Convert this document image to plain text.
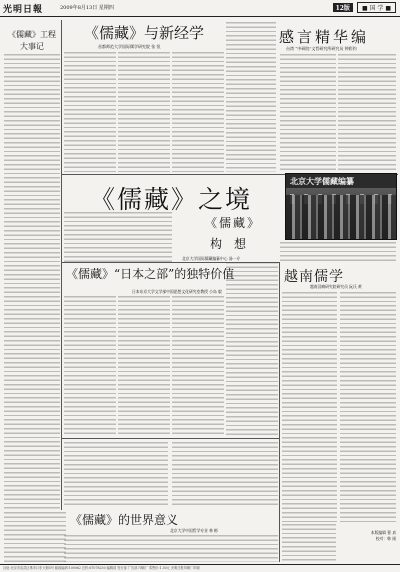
光明日報	2009年8月13日 星期四	12版	■ 国 学 ■
《儒藏》工程
大事记
《儒藏》与新经学
首都师范大学国际儒学研究院 张 恒
感言精华编
台湾 “中研院”文哲研究所研究员 钟彩钧
《儒藏》之境
北京大学儒藏编纂
《儒藏》
构想
北京大学国际儒藏编纂中心 汤一介
《儒藏》“日本之部”的独特价值
日本东京大学文学部中国思想文化研究室教授 小岛 毅
越南儒学
越南汉喃研究院研究员 阮氏 黄
《儒藏》的世界意义
北京大学中国哲学专业 林 彬	本版编辑 曹 真
校对：韩 刚
社址:北京市宣武区珠市口东大街5号 邮政编码:100062 总机:67078250 编辑部 发行部 广告部 印刷厂 零售价:1.50元 光明日报印刷厂印刷
